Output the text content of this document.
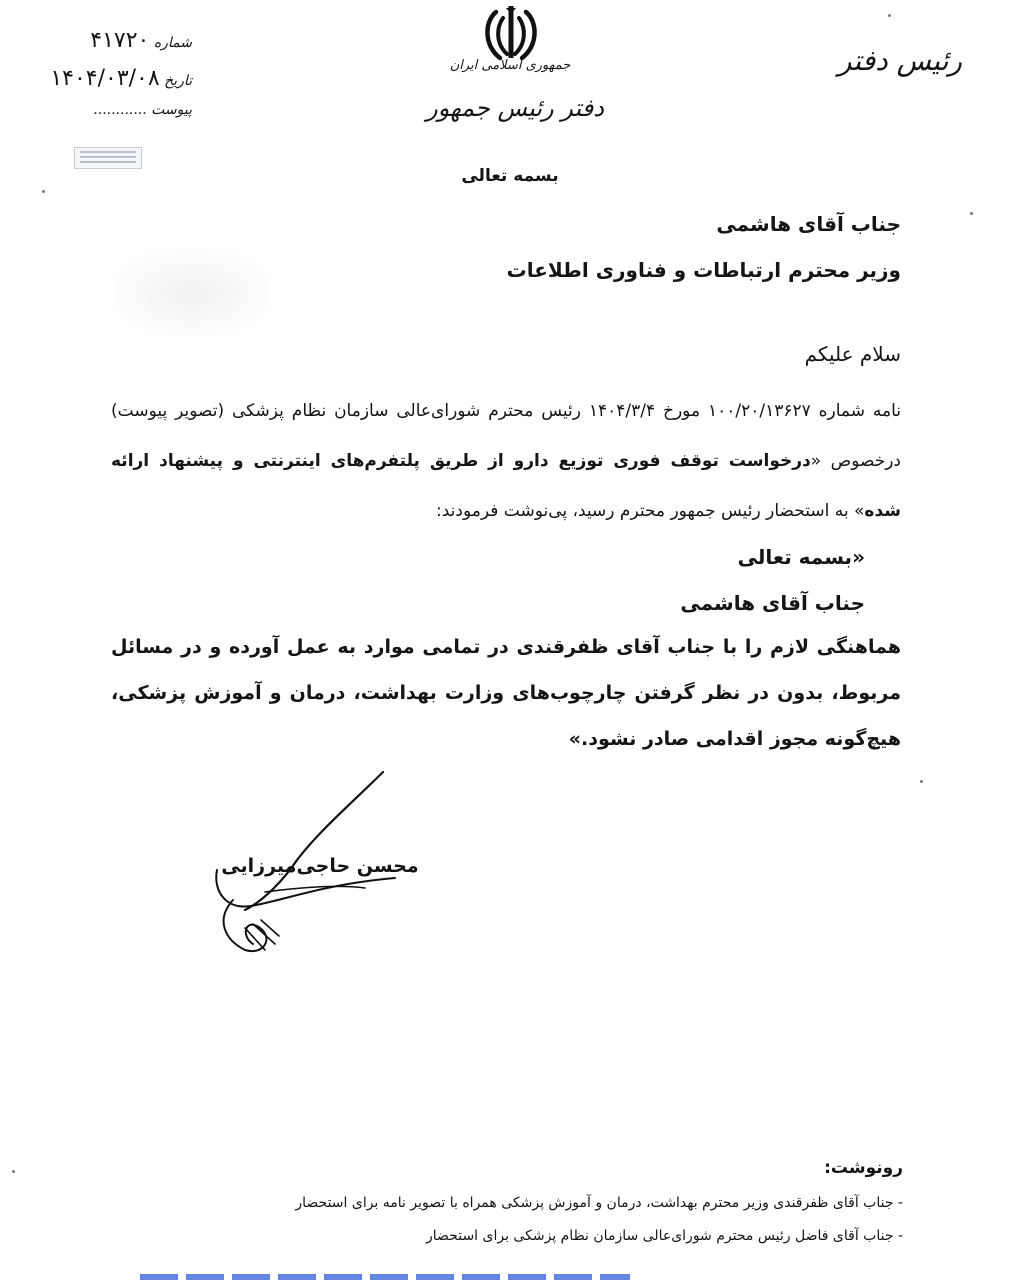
جمهوری اسلامی ایران
دفتر رئیس جمهور
رئیس دفتر
شماره ۴۱۷۲۰
تاریخ ۱۴۰۴/۰۳/۰۸
پیوست ............
بسمه تعالی
جناب آقای هاشمی
وزیر محترم ارتباطات و فناوری اطلاعات
سلام علیکم
نامه شماره ۱۰۰/۲۰/۱۳۶۲۷ مورخ ۱۴۰۴/۳/۴ رئیس محترم شورای‌عالی سازمان نظام پزشکی (تصویر پیوست) درخصوص «درخواست توقف فوری توزیع دارو از طریق پلتفرم‌های اینترنتی و پیشنهاد ارائه شده» به استحضار رئیس جمهور محترم رسید، پی‌نوشت فرمودند:
«بسمه تعالی
جناب آقای هاشمی
هماهنگی لازم را با جناب آقای ظفرقندی در تمامی موارد به عمل آورده و در مسائل مربوط، بدون در نظر گرفتن چارچوب‌های وزارت بهداشت، درمان و آموزش پزشکی، هیچ‌گونه مجوز اقدامی صادر نشود.»
محسن حاجی‌میرزایی
رونوشت:
- جناب آقای ظفرقندی وزیر محترم بهداشت، درمان و آموزش پزشکی همراه با تصویر نامه برای استحضار
- جناب آقای فاضل رئیس محترم شورای‌عالی سازمان نظام پزشکی برای استحضار
